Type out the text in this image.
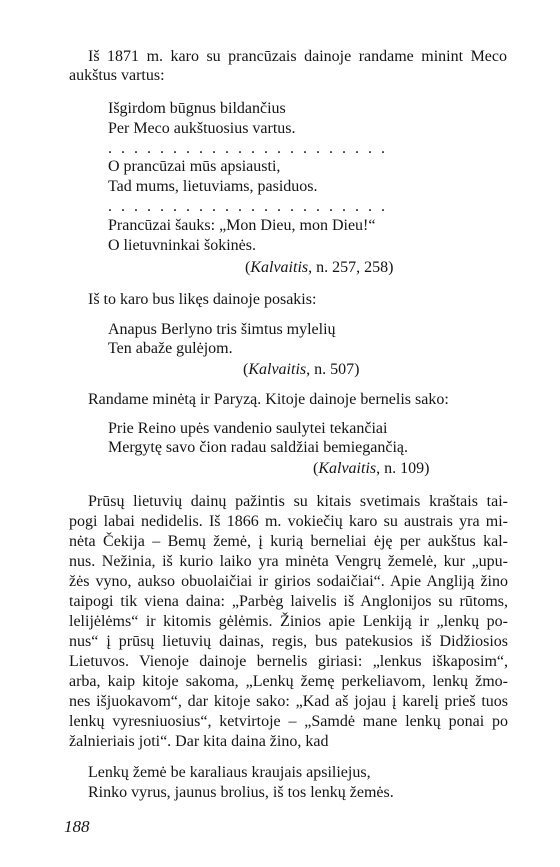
Iš 1871 m. karo su prancūzais dainoje randame minint Meco
aukštus vartus:
Išgirdom būgnus bildančius
Per Meco aukštuosius vartus.
. . . . . . . . . . . . . . . . . . . . . .
O prancūzai mūs apsiausti,
Tad mums, lietuviams, pasiduos.
. . . . . . . . . . . . . . . . . . . . . .
Prancūzai šauks: „Mon Dieu, mon Dieu!“
O lietuvninkai šokinės.
(Kalvaitis, n. 257, 258)
Iš to karo bus likęs dainoje posakis:
Anapus Berlyno tris šimtus mylelių
Ten abaže gulėjom.
(Kalvaitis, n. 507)
Randame minėtą ir Paryzą. Kitoje dainoje bernelis sako:
Prie Reino upės vandenio saulytei tekančiai
Mergytę savo čion radau saldžiai bemiegančią.
(Kalvaitis, n. 109)
Prūsų lietuvių dainų pažintis su kitais svetimais kraštais tai-
pogi labai nedidelis. Iš 1866 m. vokiečių karo su austrais yra mi-
nėta Čekija – Bemų žemė, į kurią berneliai ėję per aukštus kal-
nus. Nežinia, iš kurio laiko yra minėta Vengrų žemelė, kur „upu-
žės vyno, aukso obuolaičiai ir girios sodaičiai“. Apie Angliją žino
taipogi tik viena daina: „Parbėg laivelis iš Anglonijos su rūtoms,
lelijėlėms“ ir kitomis gėlėmis. Žinios apie Lenkiją ir „lenkų po-
nus“ į prūsų lietuvių dainas, regis, bus patekusios iš Didžiosios
Lietuvos. Vienoje dainoje bernelis giriasi: „lenkus iškaposim“,
arba, kaip kitoje sakoma, „Lenkų žemę perkeliavom, lenkų žmo-
nes išjuokavom“, dar kitoje sako: „Kad aš jojau į karelį prieš tuos
lenkų vyresniuosius“, ketvirtoje – „Samdė mane lenkų ponai po
žalnieriais joti“. Dar kita daina žino, kad
Lenkų žemė be karaliaus kraujais apsiliejus,
Rinko vyrus, jaunus brolius, iš tos lenkų žemės.
188
